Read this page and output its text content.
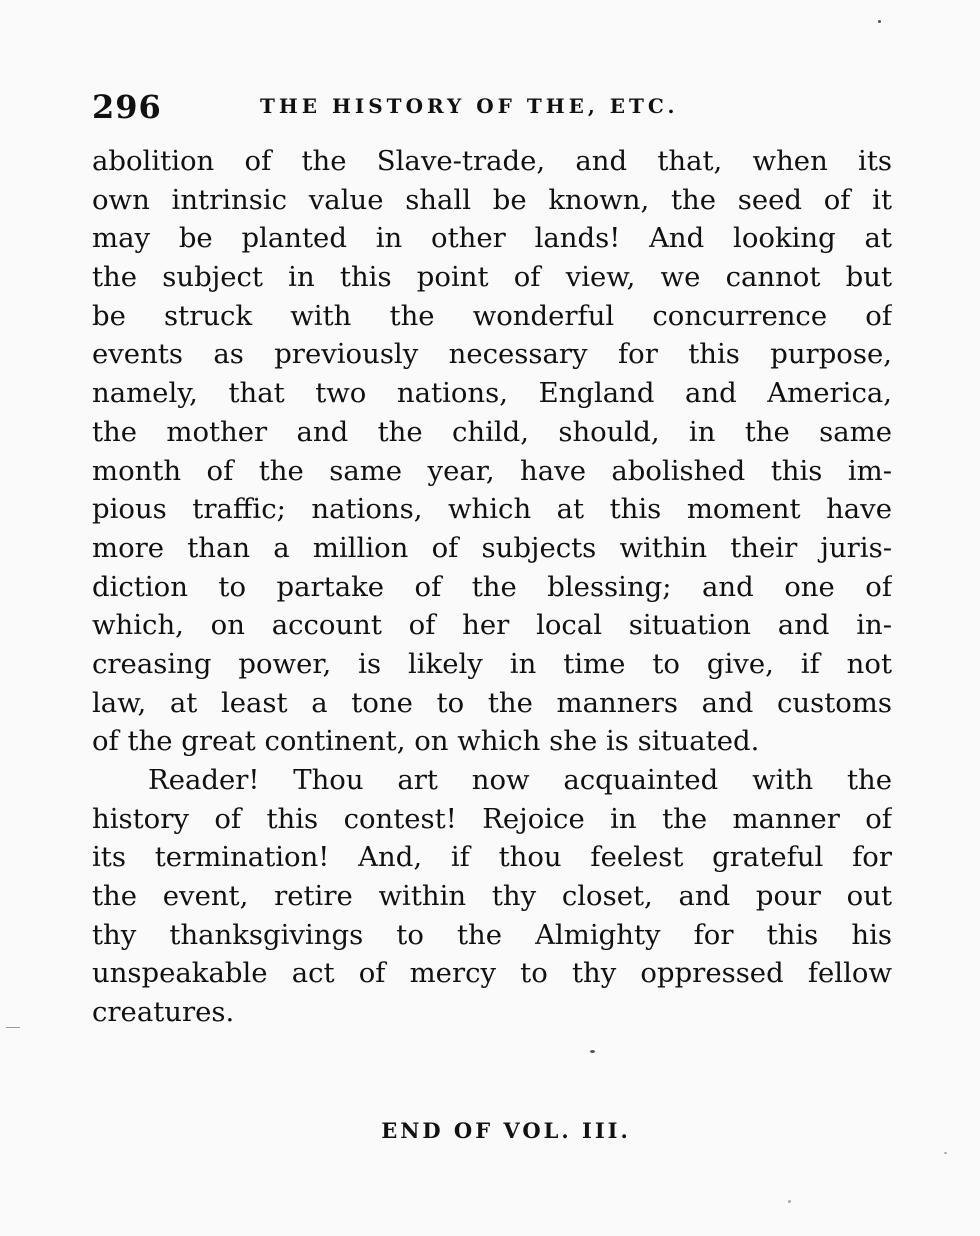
296	THE HISTORY OF THE, ETC.
abolition of the Slave-trade, and that, when its
own intrinsic value shall be known, the seed of it
may be planted in other lands! And looking at
the subject in this point of view, we cannot but
be struck with the wonderful concurrence of
events as previously necessary for this purpose,
namely, that two nations, England and America,
the mother and the child, should, in the same
month of the same year, have abolished this im-
pious traffic; nations, which at this moment have
more than a million of subjects within their juris-
diction to partake of the blessing; and one of
which, on account of her local situation and in-
creasing power, is likely in time to give, if not
law, at least a tone to the manners and customs
of the great continent, on which she is situated.
Reader! Thou art now acquainted with the
history of this contest! Rejoice in the manner of
its termination! And, if thou feelest grateful for
the event, retire within thy closet, and pour out
thy thanksgivings to the Almighty for this his
unspeakable act of mercy to thy oppressed fellow
creatures.
END OF VOL. III.
